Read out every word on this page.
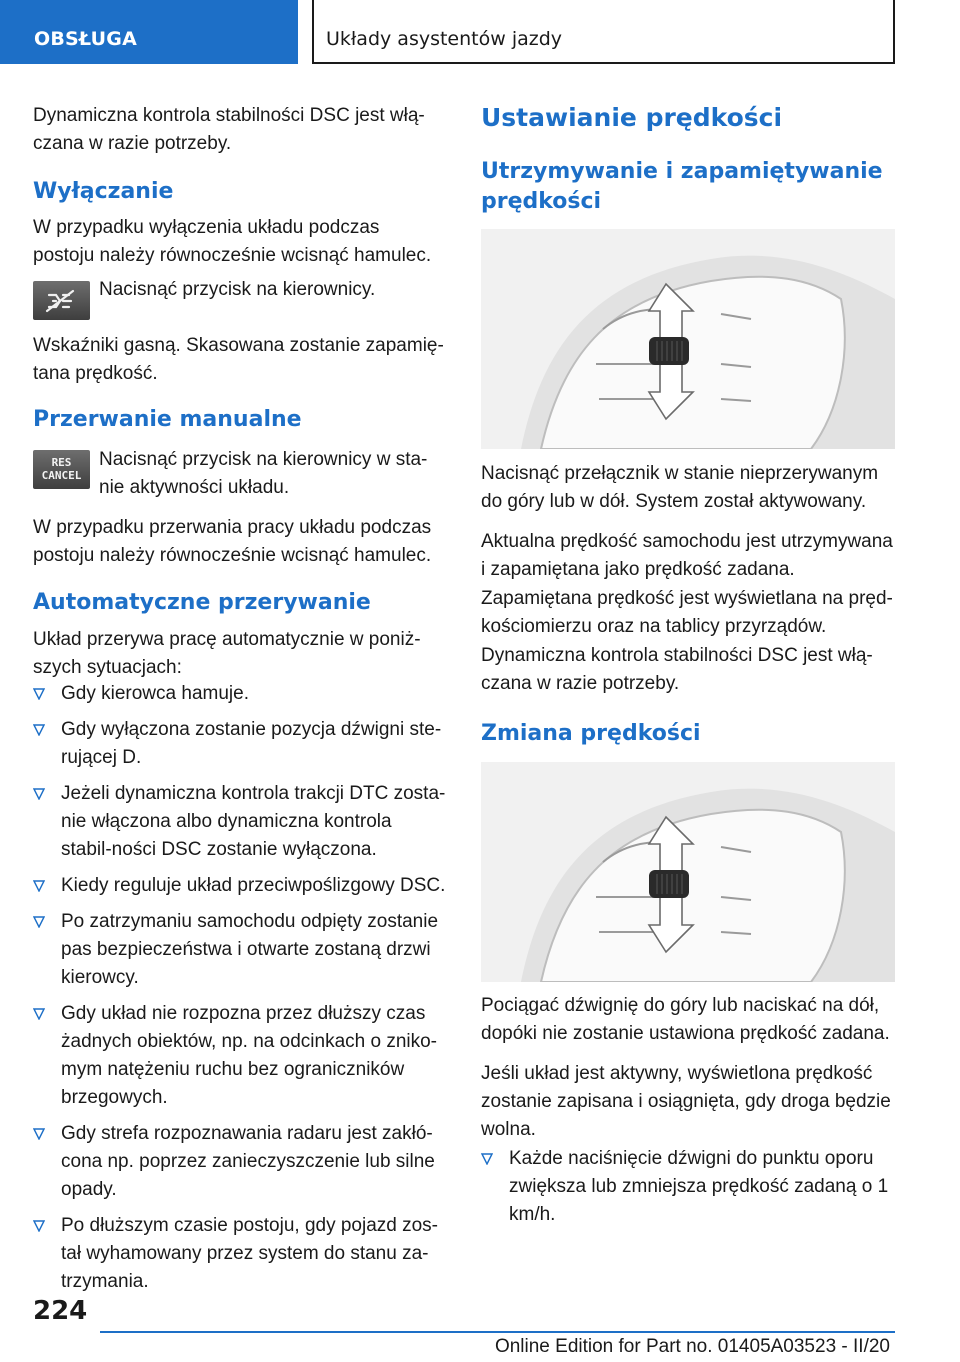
OBSŁUGA	Układy asystentów jazdy
Dynamiczna kontrola stabilności DSC jest włą‐czana w razie potrzeby.
Wyłączanie
W przypadku wyłączenia układu podczas postoju należy równocześnie wcisnąć hamulec.
Nacisnąć przycisk na kierownicy.
Wskaźniki gasną. Skasowana zostanie zapamię‐tana prędkość.
Przerwanie manualne
RES
CANCEL
Nacisnąć przycisk na kierownicy w sta‐nie aktywności układu.
W przypadku przerwania pracy układu podczas postoju należy równocześnie wcisnąć hamulec.
Automatyczne przerywanie
Układ przerywa pracę automatycznie w poniż‐szych sytuacjach:
Gdy kierowca hamuje.
Gdy wyłączona zostanie pozycja dźwigni ste‐rującej D.
Jeżeli dynamiczna kontrola trakcji DTC zosta‐nie włączona albo dynamiczna kontrola stabil‐ności DSC zostanie wyłączona.
Kiedy reguluje układ przeciwpoślizgowy DSC.
Po zatrzymaniu samochodu odpięty zostanie pas bezpieczeństwa i otwarte zostaną drzwi kierowcy.
Gdy układ nie rozpozna przez dłuższy czas żadnych obiektów, np. na odcinkach o zniko‐mym natężeniu ruchu bez ograniczników brzegowych.
Gdy strefa rozpoznawania radaru jest zakłó‐cona np. poprzez zanieczyszczenie lub silne opady.
Po dłuższym czasie postoju, gdy pojazd zos‐tał wyhamowany przez system do stanu za‐trzymania.
Ustawianie prędkości
Utrzymywanie i zapamiętywanie prędkości
Nacisnąć przełącznik w stanie nieprzerywanym do góry lub w dół. System został aktywowany.
Aktualna prędkość samochodu jest utrzymywana i zapamiętana jako prędkość zadana.
Zapamiętana prędkość jest wyświetlana na pręd‐kościomierzu oraz na tablicy przyrządów.
Dynamiczna kontrola stabilności DSC jest włą‐czana w razie potrzeby.
Zmiana prędkości
Pociągać dźwignię do góry lub naciskać na dół, dopóki nie zostanie ustawiona prędkość zadana.
Jeśli układ jest aktywny, wyświetlona prędkość zostanie zapisana i osiągnięta, gdy droga będzie wolna.
Każde naciśnięcie dźwigni do punktu oporu zwiększa lub zmniejsza prędkość zadaną o 1 km/h.
224
Online Edition for Part no. 01405A03523 - II/20
